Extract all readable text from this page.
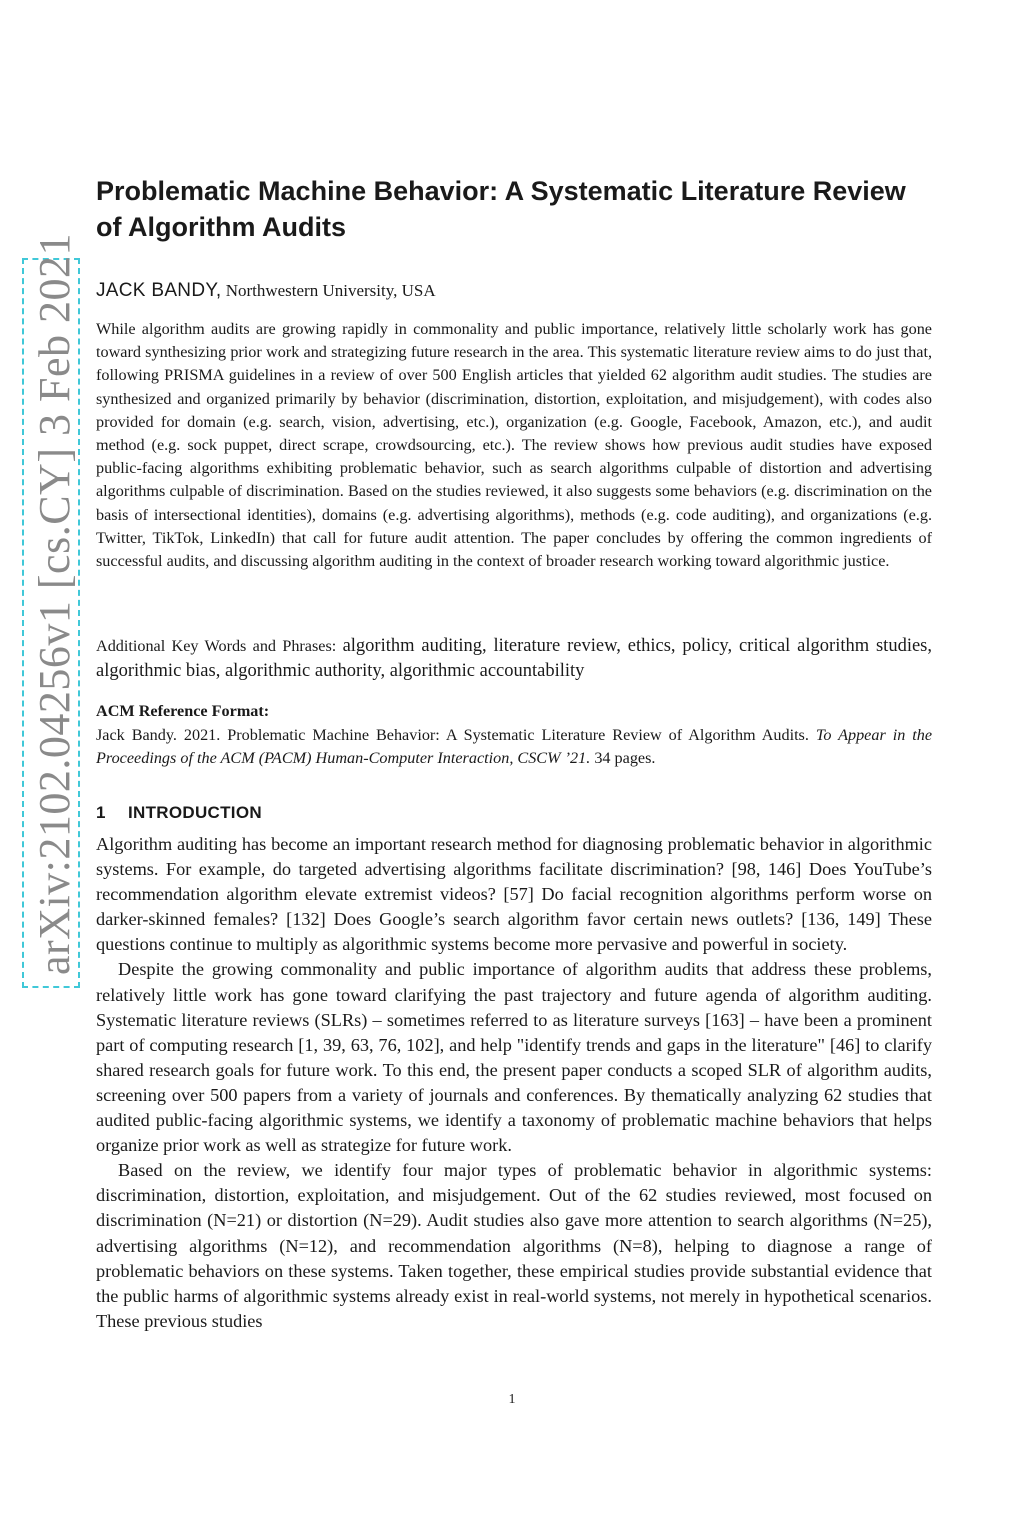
arXiv:2102.04256v1 [cs.CY] 3 Feb 2021
Problematic Machine Behavior: A Systematic Literature Review of Algorithm Audits
JACK BANDY, Northwestern University, USA

While algorithm audits are growing rapidly in commonality and public importance, relatively little scholarly work has gone toward synthesizing prior work and strategizing future research in the area. This systematic literature review aims to do just that, following PRISMA guidelines in a review of over 500 English articles that yielded 62 algorithm audit studies. The studies are synthesized and organized primarily by behavior (discrimination, distortion, exploitation, and misjudgement), with codes also provided for domain (e.g. search, vision, advertising, etc.), organization (e.g. Google, Facebook, Amazon, etc.), and audit method (e.g. sock puppet, direct scrape, crowdsourcing, etc.). The review shows how previous audit studies have exposed public-facing algorithms exhibiting problematic behavior, such as search algorithms culpable of distortion and advertising algorithms culpable of discrimination. Based on the studies reviewed, it also suggests some behaviors (e.g. discrimination on the basis of intersectional identities), domains (e.g. advertising algorithms), methods (e.g. code auditing), and organizations (e.g. Twitter, TikTok, LinkedIn) that call for future audit attention. The paper concludes by offering the common ingredients of successful audits, and discussing algorithm auditing in the context of broader research working toward algorithmic justice.

Additional Key Words and Phrases: algorithm auditing, literature review, ethics, policy, critical algorithm studies, algorithmic bias, algorithmic authority, algorithmic accountability

ACM Reference Format:

Jack Bandy. 2021. Problematic Machine Behavior: A Systematic Literature Review of Algorithm Audits. To Appear in the Proceedings of the ACM (PACM) Human-Computer Interaction, CSCW ’21. 34 pages.

1 INTRODUCTION

Algorithm auditing has become an important research method for diagnosing problematic behavior in algorithmic systems. For example, do targeted advertising algorithms facilitate discrimination? [98, 146] Does YouTube’s recommendation algorithm elevate extremist videos? [57] Do facial recognition algorithms perform worse on darker-skinned females? [132] Does Google’s search algorithm favor certain news outlets? [136, 149] These questions continue to multiply as algorithmic systems become more pervasive and powerful in society.

Despite the growing commonality and public importance of algorithm audits that address these problems, relatively little work has gone toward clarifying the past trajectory and future agenda of algorithm auditing. Systematic literature reviews (SLRs) – sometimes referred to as literature surveys [163] – have been a prominent part of computing research [1, 39, 63, 76, 102], and help "identify trends and gaps in the literature" [46] to clarify shared research goals for future work. To this end, the present paper conducts a scoped SLR of algorithm audits, screening over 500 papers from a variety of journals and conferences. By thematically analyzing 62 studies that audited public-facing algorithmic systems, we identify a taxonomy of problematic machine behaviors that helps organize prior work as well as strategize for future work.

Based on the review, we identify four major types of problematic behavior in algorithmic systems: discrimination, distortion, exploitation, and misjudgement. Out of the 62 studies reviewed, most focused on discrimination (N=21) or distortion (N=29). Audit studies also gave more attention to search algorithms (N=25), advertising algorithms (N=12), and recommendation algorithms (N=8), helping to diagnose a range of problematic behaviors on these systems. Taken together, these empirical studies provide substantial evidence that the public harms of algorithmic systems already exist in real-world systems, not merely in hypothetical scenarios. These previous studies

1
